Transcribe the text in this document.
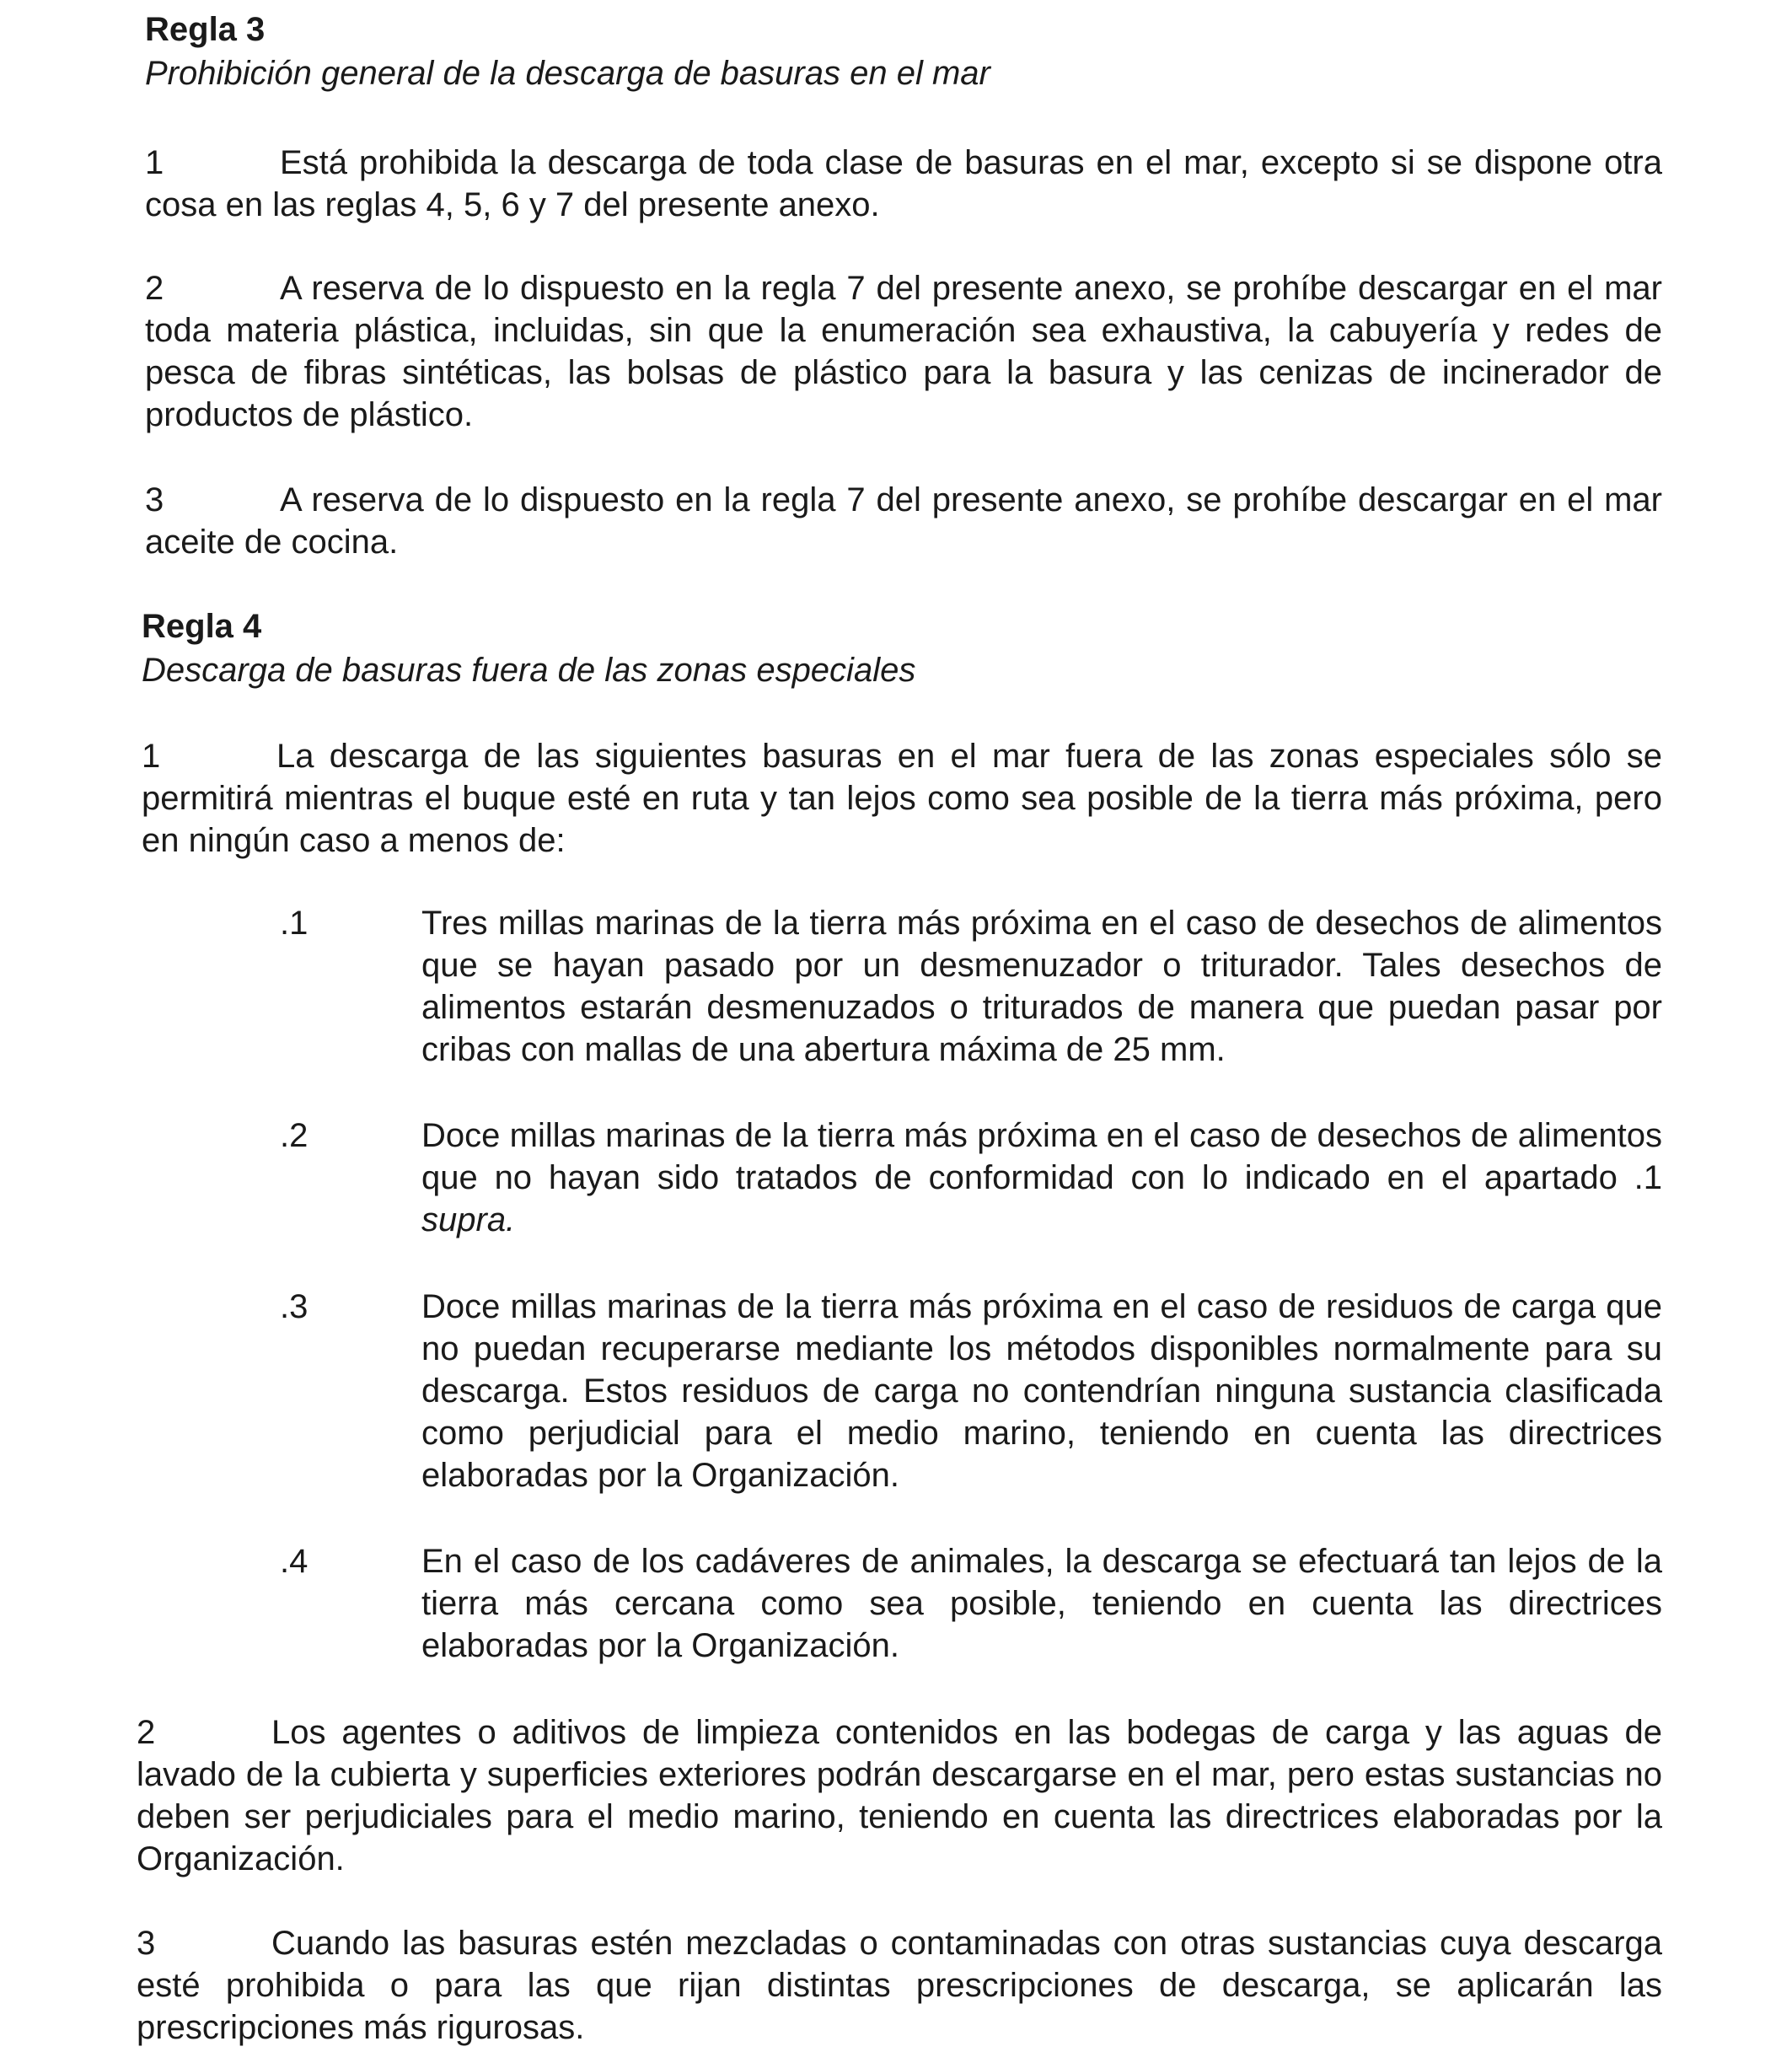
Regla 3
Prohibición general de la descarga de basuras en el mar
1	Está prohibida la descarga de toda clase de basuras en el mar, excepto si se dispone otra cosa en las reglas 4, 5, 6 y 7 del presente anexo.
2	A reserva de lo dispuesto en la regla 7 del presente anexo, se prohíbe descargar en el mar toda materia plástica, incluidas, sin que la enumeración sea exhaustiva, la cabuyería y redes de pesca de fibras sintéticas, las bolsas de plástico para la basura y las cenizas de incinerador de productos de plástico.
3	A reserva de lo dispuesto en la regla 7 del presente anexo, se prohíbe descargar en el mar aceite de cocina.
Regla 4
Descarga de basuras fuera de las zonas especiales
1	La descarga de las siguientes basuras en el mar fuera de las zonas especiales sólo se permitirá mientras el buque esté en ruta y tan lejos como sea posible de la tierra más próxima, pero en ningún caso a menos de:
.1	Tres millas marinas de la tierra más próxima en el caso de desechos de alimentos que se hayan pasado por un desmenuzador o triturador. Tales desechos de alimentos estarán desmenuzados o triturados de manera que puedan pasar por cribas con mallas de una abertura máxima de 25 mm.
.2	Doce millas marinas de la tierra más próxima en el caso de desechos de alimentos que no hayan sido tratados de conformidad con lo indicado en el apartado .1 supra.
.3	Doce millas marinas de la tierra más próxima en el caso de residuos de carga que no puedan recuperarse mediante los métodos disponibles normalmente para su descarga. Estos residuos de carga no contendrían ninguna sustancia clasificada como perjudicial para el medio marino, teniendo en cuenta las directrices elaboradas por la Organización.
.4	En el caso de los cadáveres de animales, la descarga se efectuará tan lejos de la tierra más cercana como sea posible, teniendo en cuenta las directrices elaboradas por la Organización.
2	Los agentes o aditivos de limpieza contenidos en las bodegas de carga y las aguas de lavado de la cubierta y superficies exteriores podrán descargarse en el mar, pero estas sustancias no deben ser perjudiciales para el medio marino, teniendo en cuenta las directrices elaboradas por la Organización.
3	Cuando las basuras estén mezcladas o contaminadas con otras sustancias cuya descarga esté prohibida o para las que rijan distintas prescripciones de descarga, se aplicarán las prescripciones más rigurosas.
